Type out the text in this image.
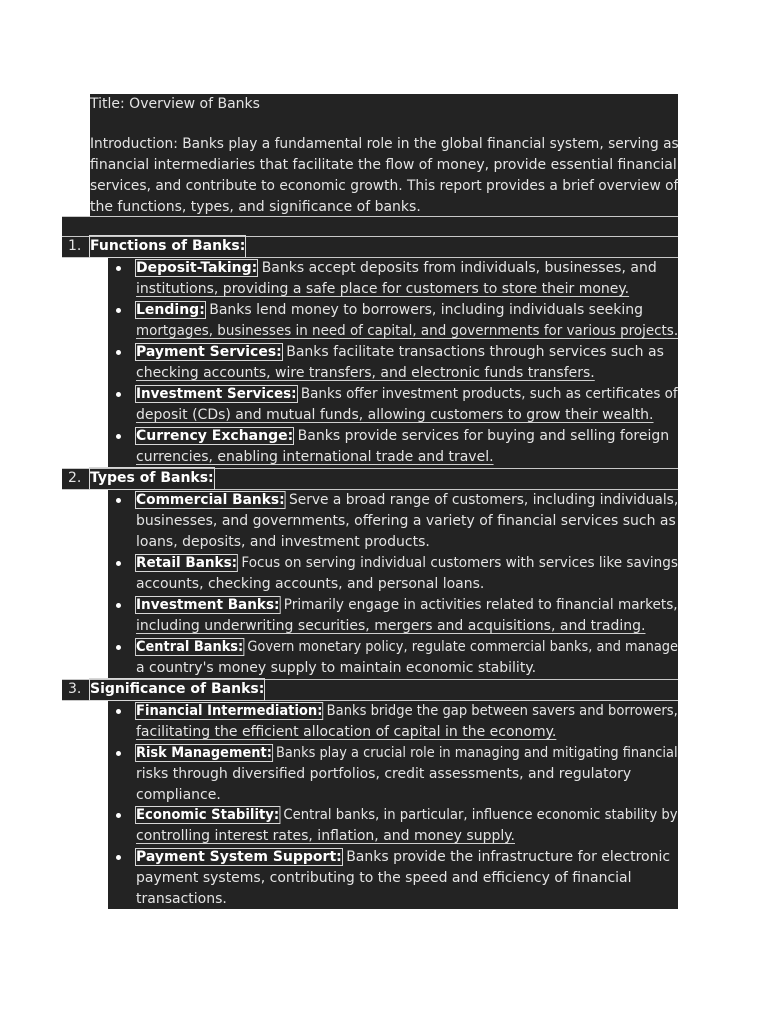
Title: Overview of Banks
Introduction: Banks play a fundamental role in the global financial system, serving as
financial intermediaries that facilitate the flow of money, provide essential financial
services, and contribute to economic growth. This report provides a brief overview of
the functions, types, and significance of banks.
1. Functions of Banks:
Deposit-Taking: Banks accept deposits from individuals, businesses, and
institutions, providing a safe place for customers to store their money.
Lending: Banks lend money to borrowers, including individuals seeking
mortgages, businesses in need of capital, and governments for various projects.
Payment Services: Banks facilitate transactions through services such as
checking accounts, wire transfers, and electronic funds transfers.
Investment Services: Banks offer investment products, such as certificates of
deposit (CDs) and mutual funds, allowing customers to grow their wealth.
Currency Exchange: Banks provide services for buying and selling foreign
currencies, enabling international trade and travel.
2. Types of Banks:
Commercial Banks: Serve a broad range of customers, including individuals,
businesses, and governments, offering a variety of financial services such as
loans, deposits, and investment products.
Retail Banks: Focus on serving individual customers with services like savings
accounts, checking accounts, and personal loans.
Investment Banks: Primarily engage in activities related to financial markets,
including underwriting securities, mergers and acquisitions, and trading.
Central Banks: Govern monetary policy, regulate commercial banks, and manage
a country's money supply to maintain economic stability.
3. Significance of Banks:
Financial Intermediation: Banks bridge the gap between savers and borrowers,
facilitating the efficient allocation of capital in the economy.
Risk Management: Banks play a crucial role in managing and mitigating financial
risks through diversified portfolios, credit assessments, and regulatory
compliance.
Economic Stability: Central banks, in particular, influence economic stability by
controlling interest rates, inflation, and money supply.
Payment System Support: Banks provide the infrastructure for electronic
payment systems, contributing to the speed and efficiency of financial
transactions.
